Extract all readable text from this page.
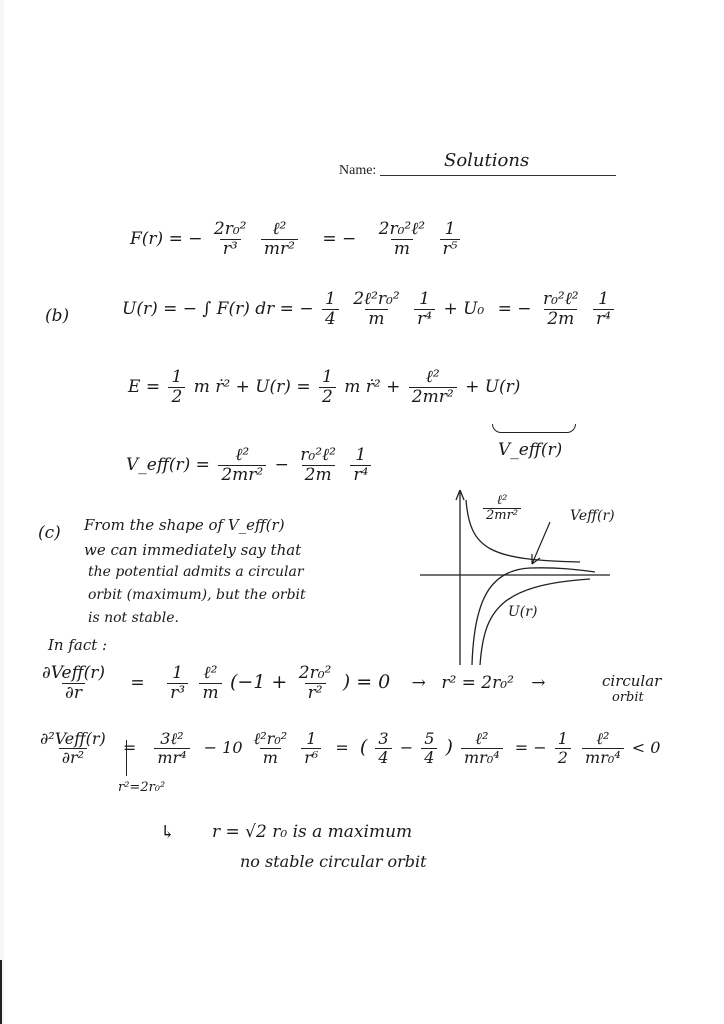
Name:	Solutions
F(r) = − $\frac{\text{2r₀²}}{\text{r³}}$
$\frac{\text{ℓ²}}{\text{mr²}}$ = − $\frac{\text{2r₀²ℓ²}}{m}$
$\frac{1}{\text{r⁵}}$
(b)	U(r) = − ∫ F(r) dr = − $\frac{1}{4}$
$\frac{\text{2ℓ²r₀²}}{m}$
$\frac{1}{\text{r⁴}} + U_0$ = − $\frac{\text{r₀²ℓ²}}{2m}$
$\frac{1}{\text{r⁴}}$
$E = \frac{1}{2}$ m ṙ² + $U(r) = \frac{1}{2}$ m ṙ² + $\frac{\text{ℓ²}}{\text{2mr²}} + U(r)$
V_eff(r)
V_eff(r) = $\frac{\text{ℓ²}}{\text{2mr²}} - \frac{\text{r₀²ℓ²}}{2m}$
$\frac{1}{\text{r⁴}}$
(c) From the shape of V_eff(r)
we can immediately say that
the potential admits a circular
orbit (maximum), but the orbit
is not stable.
In fact :
$\frac{\text{ℓ²}}{\text{2mr²}}$	Veff(r)
U(r)
$\frac{\text{∂Veff(r)}}{\partial r} = \frac{1}{\text{r³}}$
$\frac{\text{ℓ²}}{m} (-1 + \frac{\text{2r₀²}}{\text{r²}}$ ) = 0 → r² = 2r₀² →	circular
orbit
$\frac{\text{∂²Veff(r)}}{\text{∂r²}} = \frac{\text{3ℓ²}}{\text{mr⁴}} - 10 \frac{\text{ℓ²r₀²}}{m}$
$\frac{1}{\text{r⁶}}$ = ( $\frac{3}{4} - \frac{5}{4}$ ) $\frac{\text{ℓ²}}{\text{mr₀⁴}}$ = − $\frac{1}{2}$
$\frac{\text{ℓ²}}{\text{mr₀⁴}} < 0$
r²=2r₀²
↳ r = √2 r₀ is a maximum
no stable circular orbit
